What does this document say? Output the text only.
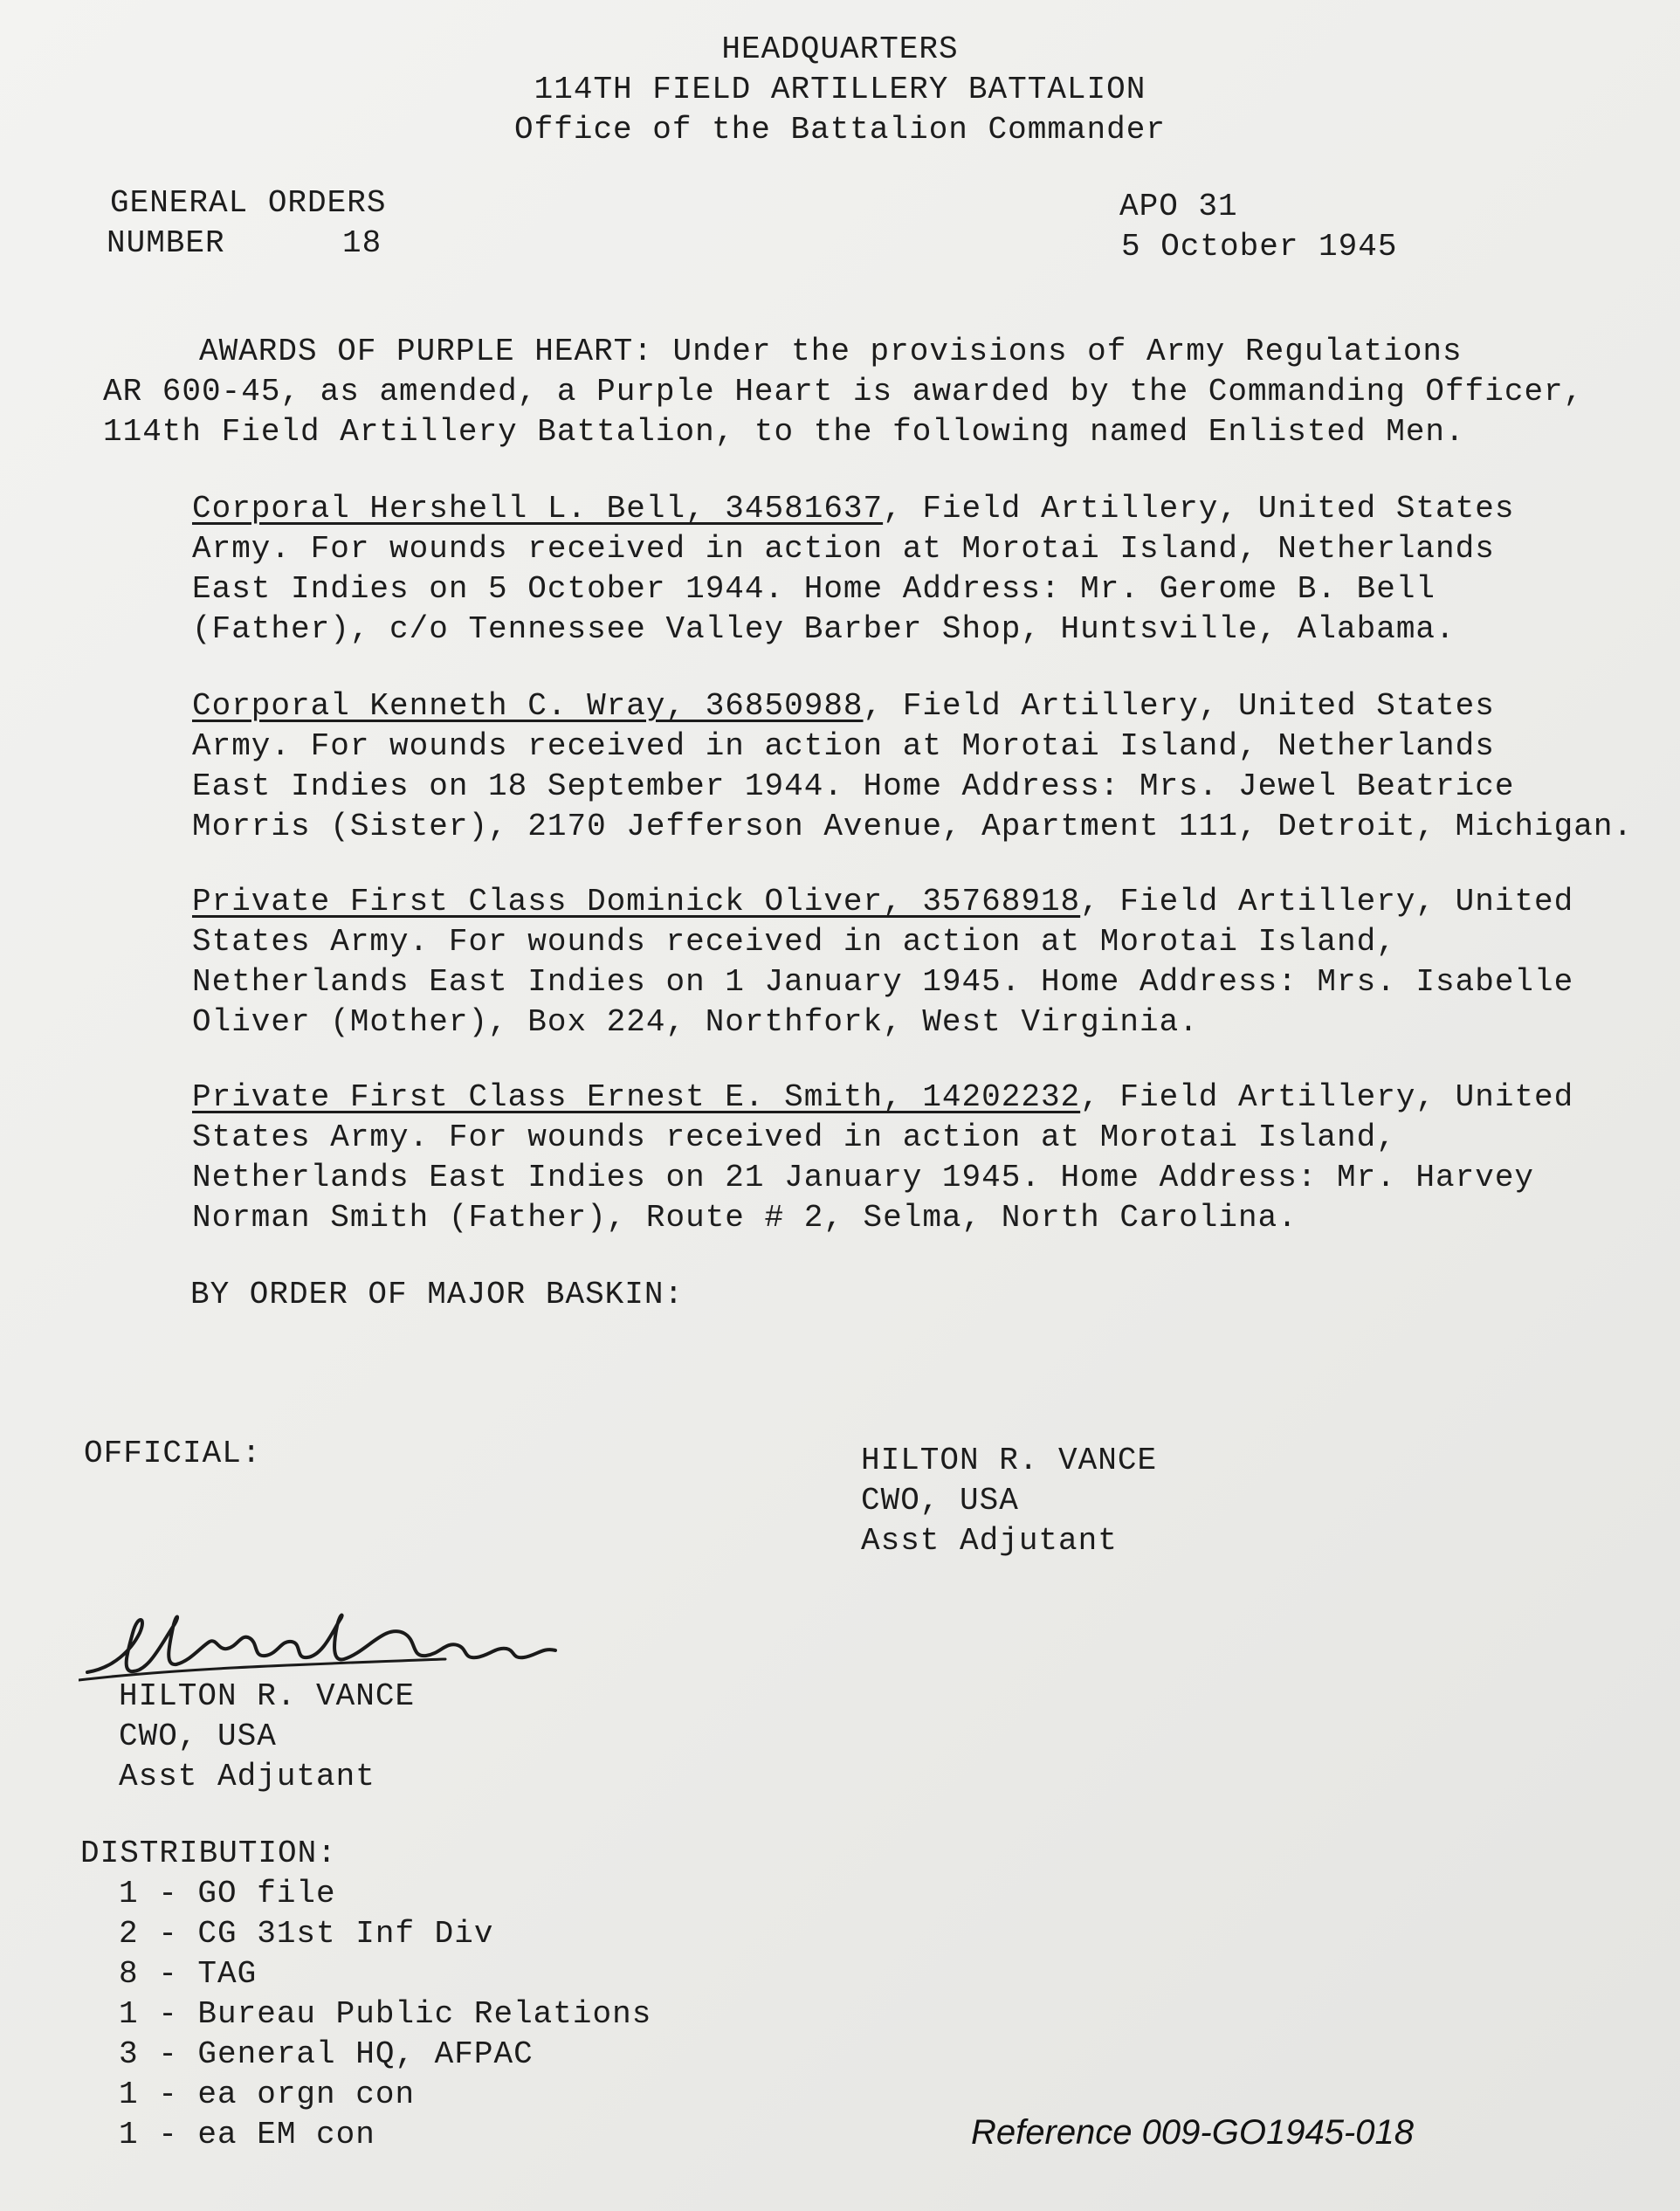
HEADQUARTERS
114TH FIELD ARTILLERY BATTALION
Office of the Battalion Commander
GENERAL ORDERS
NUMBER	18
APO 31
5 October 1945
AWARDS OF PURPLE HEART: Under the provisions of Army Regulations
AR 600-45, as amended, a Purple Heart is awarded by the Commanding Officer,
114th Field Artillery Battalion, to the following named Enlisted Men.
Corporal Hershell L. Bell, 34581637, Field Artillery, United States
Army. For wounds received in action at Morotai Island, Netherlands
East Indies on 5 October 1944. Home Address: Mr. Gerome B. Bell
(Father), c/o Tennessee Valley Barber Shop, Huntsville, Alabama.
Corporal Kenneth C. Wray, 36850988, Field Artillery, United States
Army. For wounds received in action at Morotai Island, Netherlands
East Indies on 18 September 1944. Home Address: Mrs. Jewel Beatrice
Morris (Sister), 2170 Jefferson Avenue, Apartment 111, Detroit, Michigan.
Private First Class Dominick Oliver, 35768918, Field Artillery, United
States Army. For wounds received in action at Morotai Island,
Netherlands East Indies on 1 January 1945. Home Address: Mrs. Isabelle
Oliver (Mother), Box 224, Northfork, West Virginia.
Private First Class Ernest E. Smith, 14202232, Field Artillery, United
States Army. For wounds received in action at Morotai Island,
Netherlands East Indies on 21 January 1945. Home Address: Mr. Harvey
Norman Smith (Father), Route # 2, Selma, North Carolina.
BY ORDER OF MAJOR BASKIN:
OFFICIAL:	HILTON R. VANCE
CWO, USA
Asst Adjutant
HILTON R. VANCE
CWO, USA
Asst Adjutant
DISTRIBUTION:
1 - GO file
2 - CG 31st Inf Div
8 - TAG
1 - Bureau Public Relations
3 - General HQ, AFPAC
1 - ea orgn con
1 - ea EM con	Reference 009-GO1945-018
